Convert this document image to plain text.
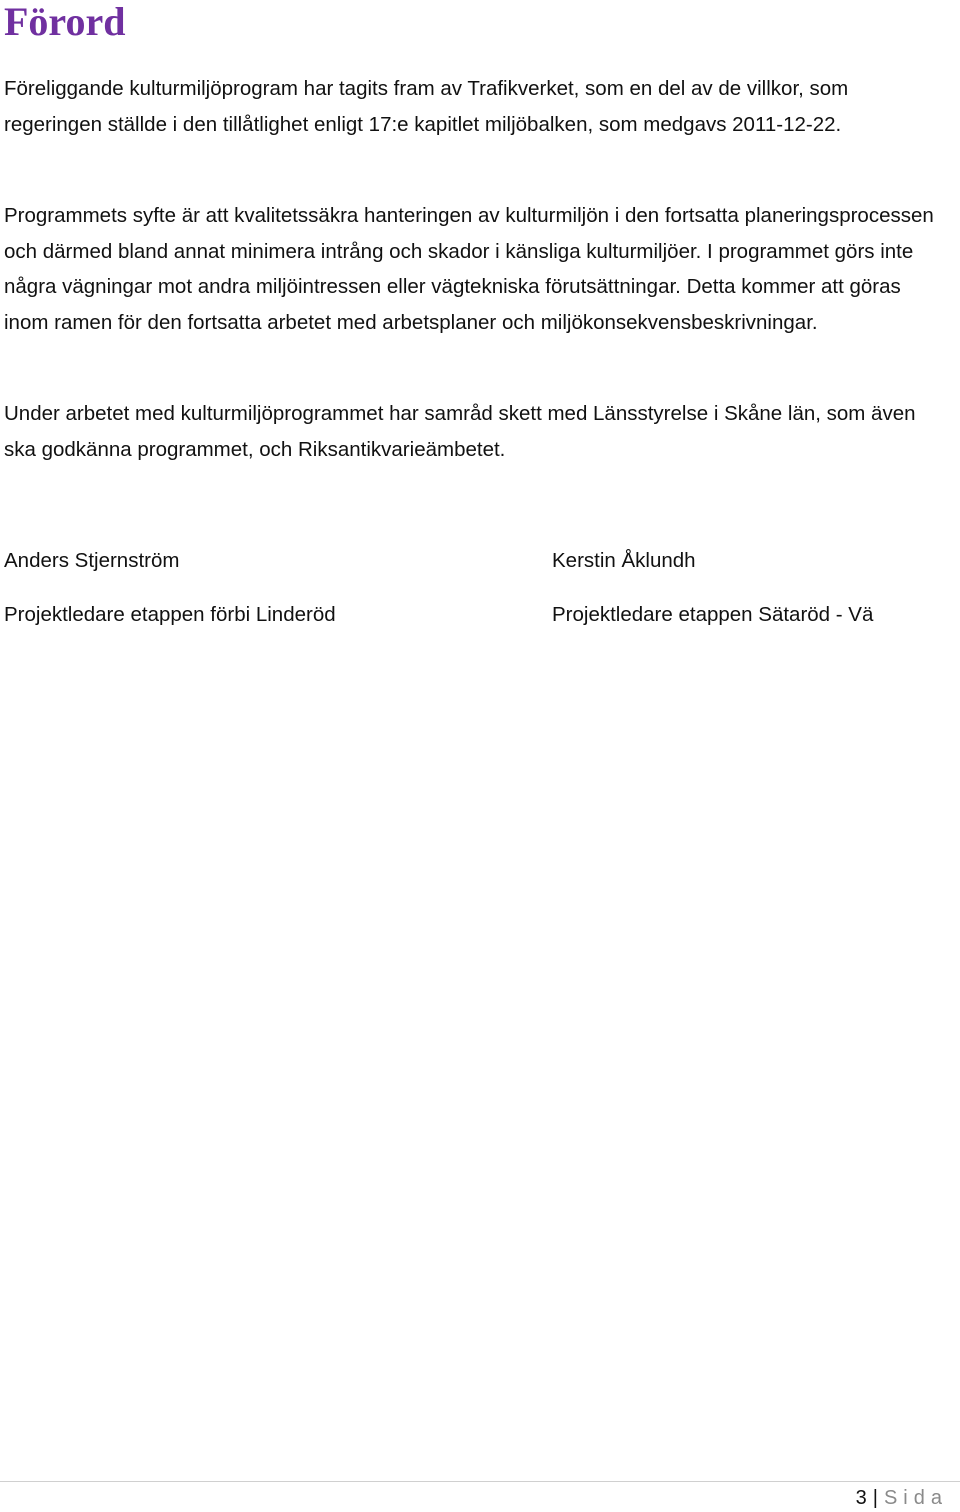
Förord

Föreliggande kulturmiljöprogram har tagits fram av Trafikverket, som en del av de villkor, som regeringen ställde i den tillåtlighet enligt 17:e kapitlet miljöbalken, som medgavs 2011-12-22.

Programmets syfte är att kvalitetssäkra hanteringen av kulturmiljön i den fortsatta planeringsprocessen och därmed bland annat minimera intrång och skador i känsliga kulturmiljöer. I programmet görs inte några vägningar mot andra miljöintressen eller vägtekniska förutsättningar. Detta kommer att göras inom ramen för den fortsatta arbetet med arbetsplaner och miljökonsekvensbeskrivningar.

Under arbetet med kulturmiljöprogrammet har samråd skett med Länsstyrelse i Skåne län, som även ska godkänna programmet, och Riksantikvarieämbetet.

Anders Stjernström
Projektledare etappen förbi Linderöd
Kerstin Åklundh
Projektledare etappen Sätaröd - Vä
3 | Sida
